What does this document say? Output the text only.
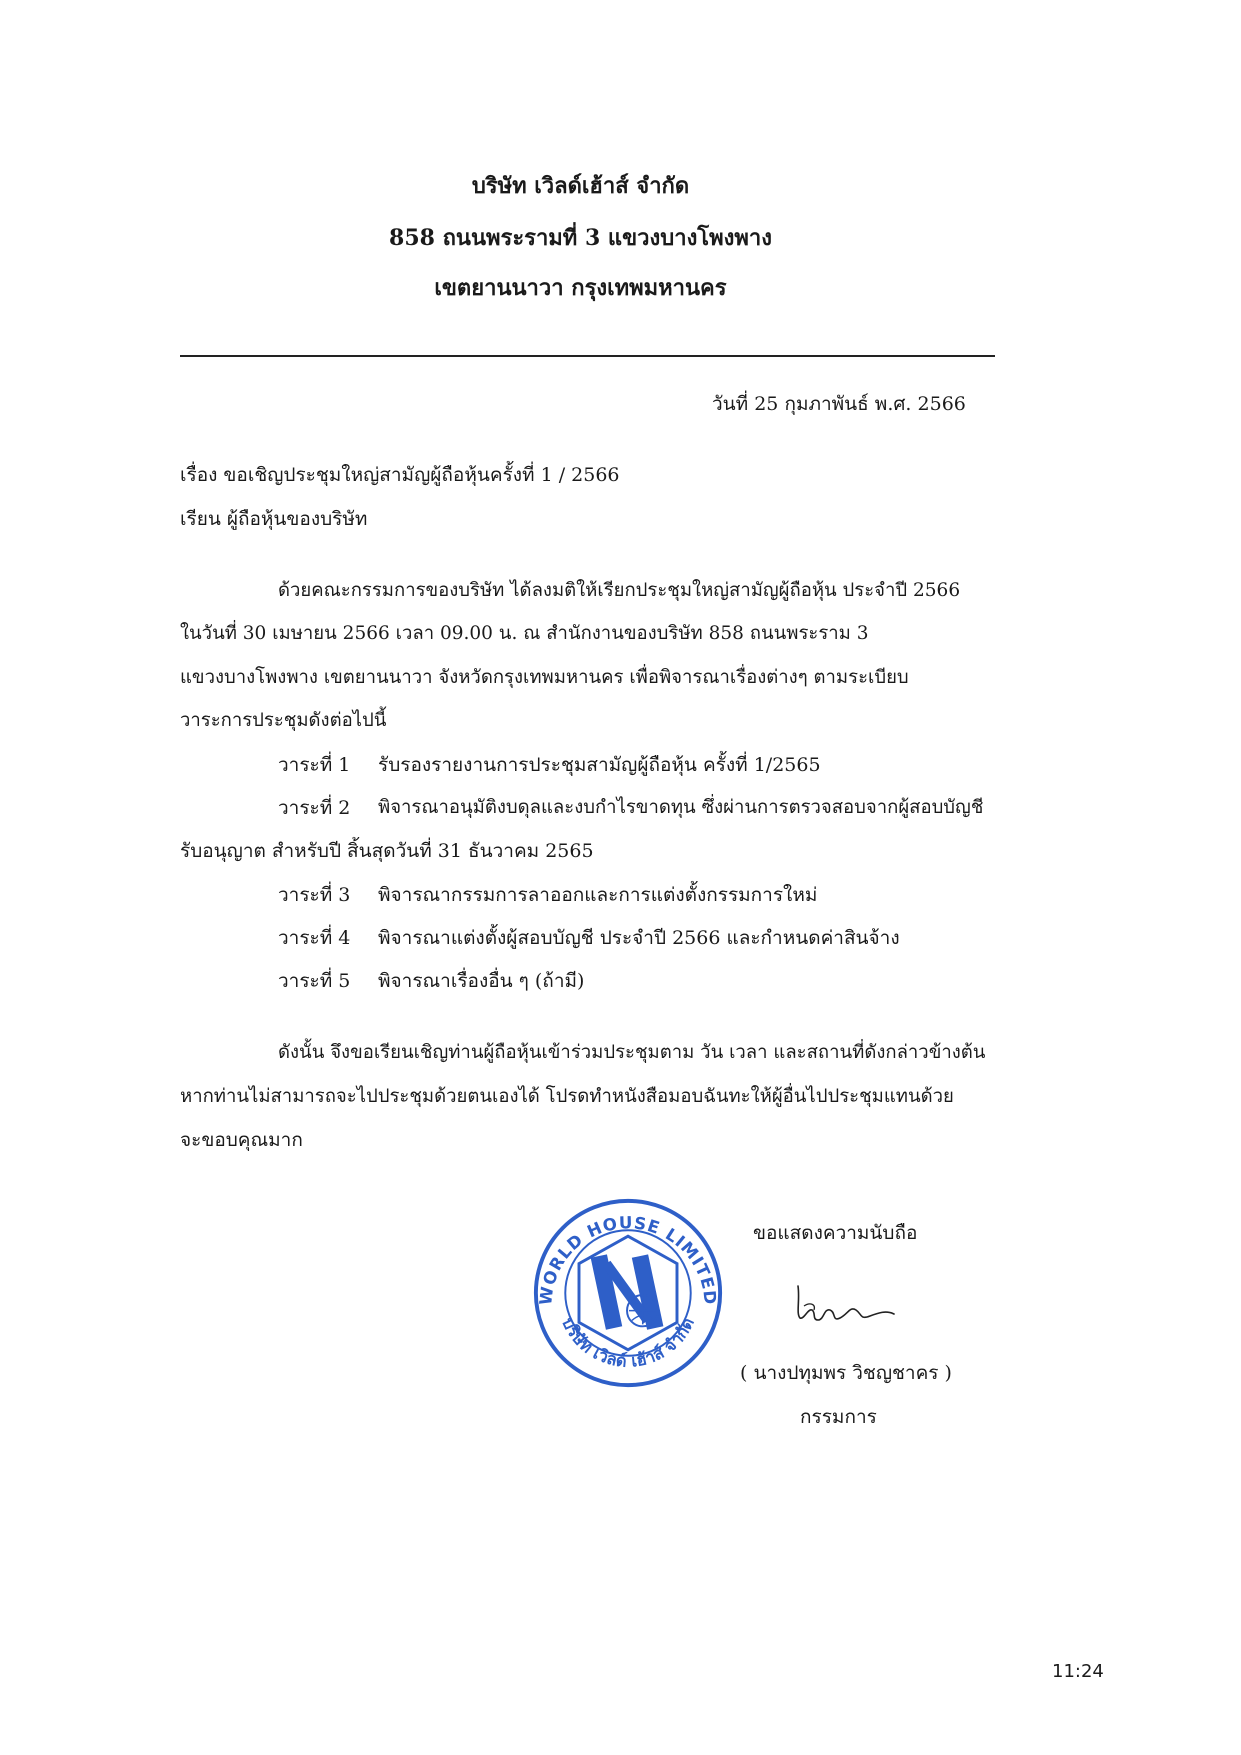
บริษัท เวิลด์เฮ้าส์ จำกัด
858 ถนนพระรามที่ 3 แขวงบางโพงพาง
เขตยานนาวา กรุงเทพมหานคร
วันที่ 25 กุมภาพันธ์ พ.ศ. 2566
เรื่อง ขอเชิญประชุมใหญ่สามัญผู้ถือหุ้นครั้งที่ 1 / 2566
เรียน ผู้ถือหุ้นของบริษัท
ด้วยคณะกรรมการของบริษัท ได้ลงมติให้เรียกประชุมใหญ่สามัญผู้ถือหุ้น ประจำปี 2566
ในวันที่ 30 เมษายน 2566 เวลา 09.00 น. ณ สำนักงานของบริษัท 858 ถนนพระราม 3
แขวงบางโพงพาง เขตยานนาวา จังหวัดกรุงเทพมหานคร เพื่อพิจารณาเรื่องต่างๆ ตามระเบียบ
วาระการประชุมดังต่อไปนี้
วาระที่ 1 รับรองรายงานการประชุมสามัญผู้ถือหุ้น ครั้งที่ 1/2565
วาระที่ 2 พิจารณาอนุมัติงบดุลและงบกำไรขาดทุน ซึ่งผ่านการตรวจสอบจากผู้สอบบัญชี
รับอนุญาต สำหรับปี สิ้นสุดวันที่ 31 ธันวาคม 2565
วาระที่ 3 พิจารณากรรมการลาออกและการแต่งตั้งกรรมการใหม่
วาระที่ 4 พิจารณาแต่งตั้งผู้สอบบัญชี ประจำปี 2566 และกำหนดค่าสินจ้าง
วาระที่ 5 พิจารณาเรื่องอื่น ๆ (ถ้ามี)
ดังนั้น จึงขอเรียนเชิญท่านผู้ถือหุ้นเข้าร่วมประชุมตาม วัน เวลา และสถานที่ดังกล่าวข้างต้น
หากท่านไม่สามารถจะไปประชุมด้วยตนเองได้ โปรดทำหนังสือมอบฉันทะให้ผู้อื่นไปประชุมแทนด้วย
จะขอบคุณมาก
WORLD HOUSE LIMITED
บริษัท เวิลด์ เฮ้าส์ จำกัด
ขอแสดงความนับถือ
( นางปทุมพร วิชญชาคร )
กรรมการ
11:24
